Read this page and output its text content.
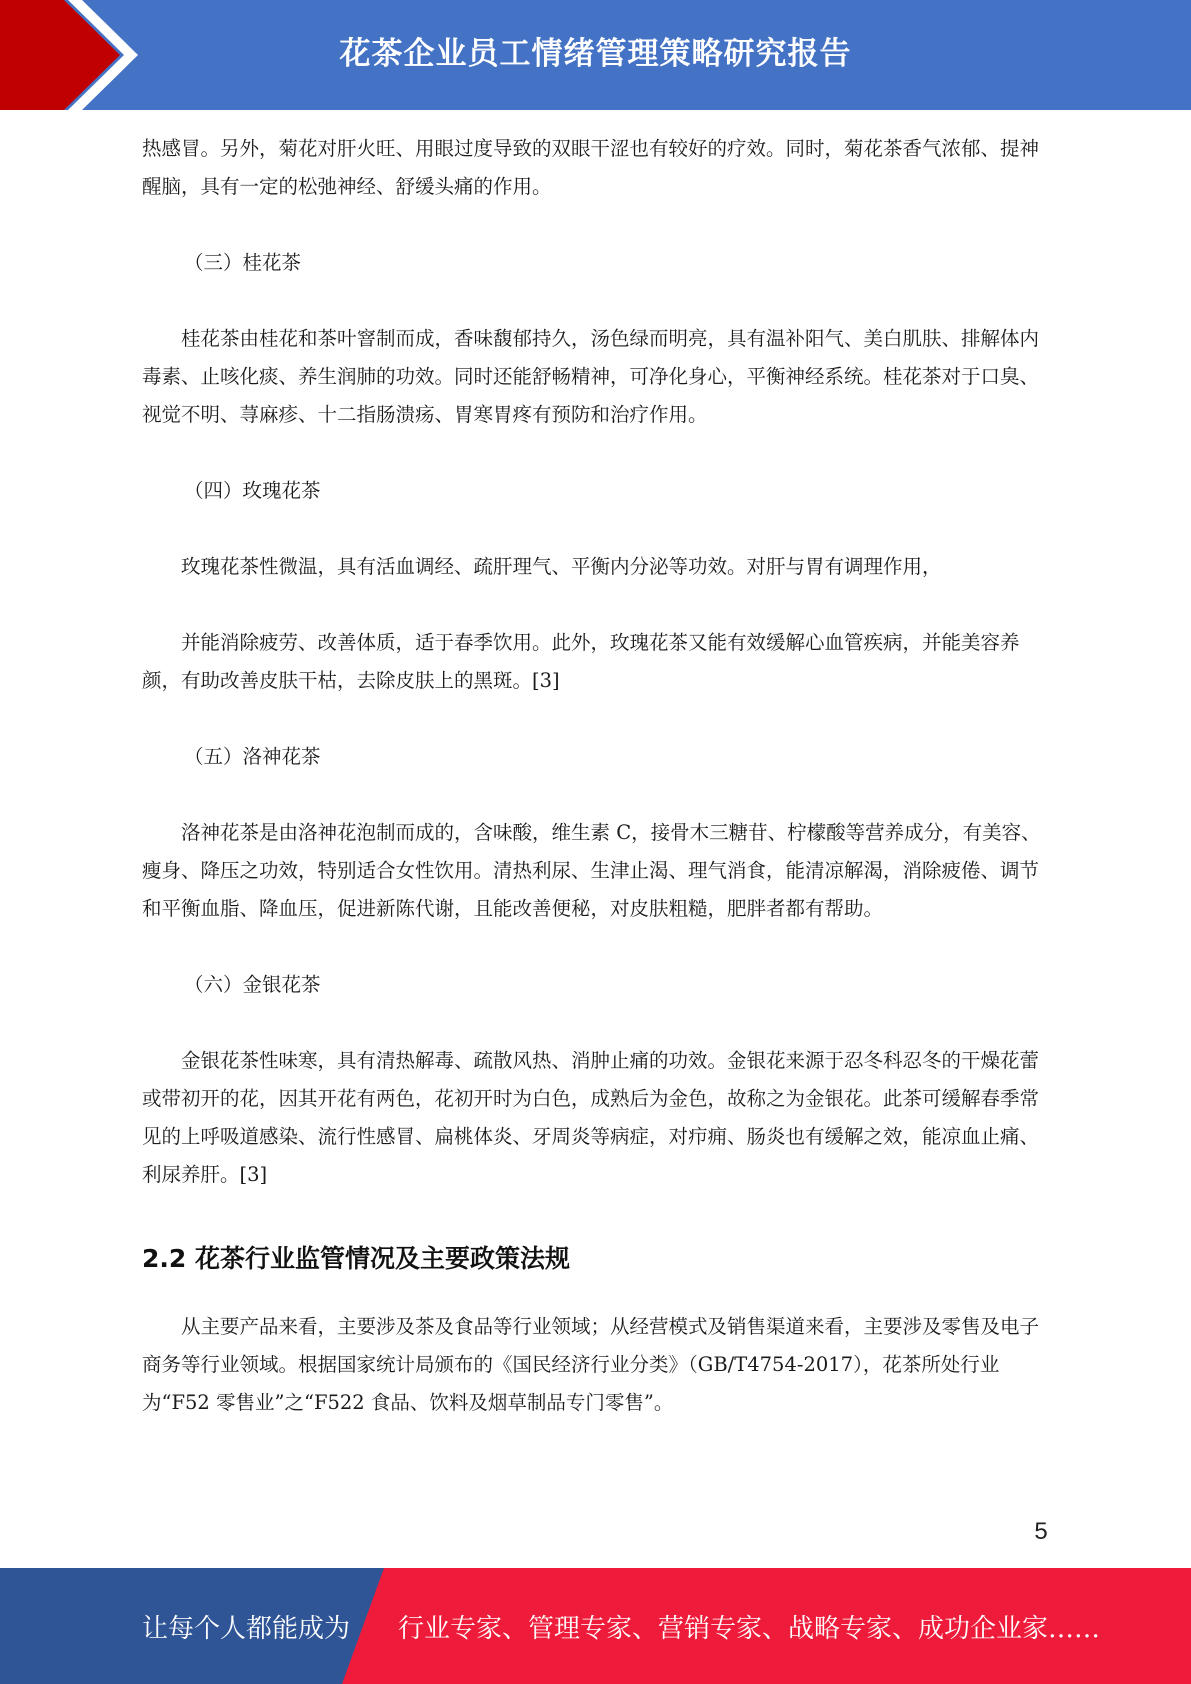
花茶企业员工情绪管理策略研究报告

热感冒。另外，菊花对肝火旺、用眼过度导致的双眼干涩也有较好的疗效。同时，菊花茶香气浓郁、提神醒脑，具有一定的松弛神经、舒缓头痛的作用。

（三）桂花茶

桂花茶由桂花和茶叶窨制而成，香味馥郁持久，汤色绿而明亮，具有温补阳气、美白肌肤、排解体内毒素、止咳化痰、养生润肺的功效。同时还能舒畅精神，可净化身心，平衡神经系统。桂花茶对于口臭、视觉不明、荨麻疹、十二指肠溃疡、胃寒胃疼有预防和治疗作用。

（四）玫瑰花茶

玫瑰花茶性微温，具有活血调经、疏肝理气、平衡内分泌等功效。对肝与胃有调理作用，

并能消除疲劳、改善体质，适于春季饮用。此外，玫瑰花茶又能有效缓解心血管疾病，并能美容养颜，有助改善皮肤干枯，去除皮肤上的黑斑。[3]

（五）洛神花茶

洛神花茶是由洛神花泡制而成的，含味酸，维生素 C，接骨木三糖苷、柠檬酸等营养成分，有美容、瘦身、降压之功效，特别适合女性饮用。清热利尿、生津止渴、理气消食，能清凉解渴，消除疲倦、调节和平衡血脂、降血压，促进新陈代谢，且能改善便秘，对皮肤粗糙，肥胖者都有帮助。

（六）金银花茶

金银花茶性味寒，具有清热解毒、疏散风热、消肿止痛的功效。金银花来源于忍冬科忍冬的干燥花蕾或带初开的花，因其开花有两色，花初开时为白色，成熟后为金色，故称之为金银花。此茶可缓解春季常见的上呼吸道感染、流行性感冒、扁桃体炎、牙周炎等病症，对疖痈、肠炎也有缓解之效，能凉血止痛、利尿养肝。[3]

2.2 花茶行业监管情况及主要政策法规

从主要产品来看，主要涉及茶及食品等行业领域；从经营模式及销售渠道来看，主要涉及零售及电子商务等行业领域。根据国家统计局颁布的《国民经济行业分类》（GB/T4754-2017），花茶所处行业为“F52 零售业”之“F522 食品、饮料及烟草制品专门零售”。

5
让每个人都能成为 行业专家、管理专家、营销专家、战略专家、成功企业家……
